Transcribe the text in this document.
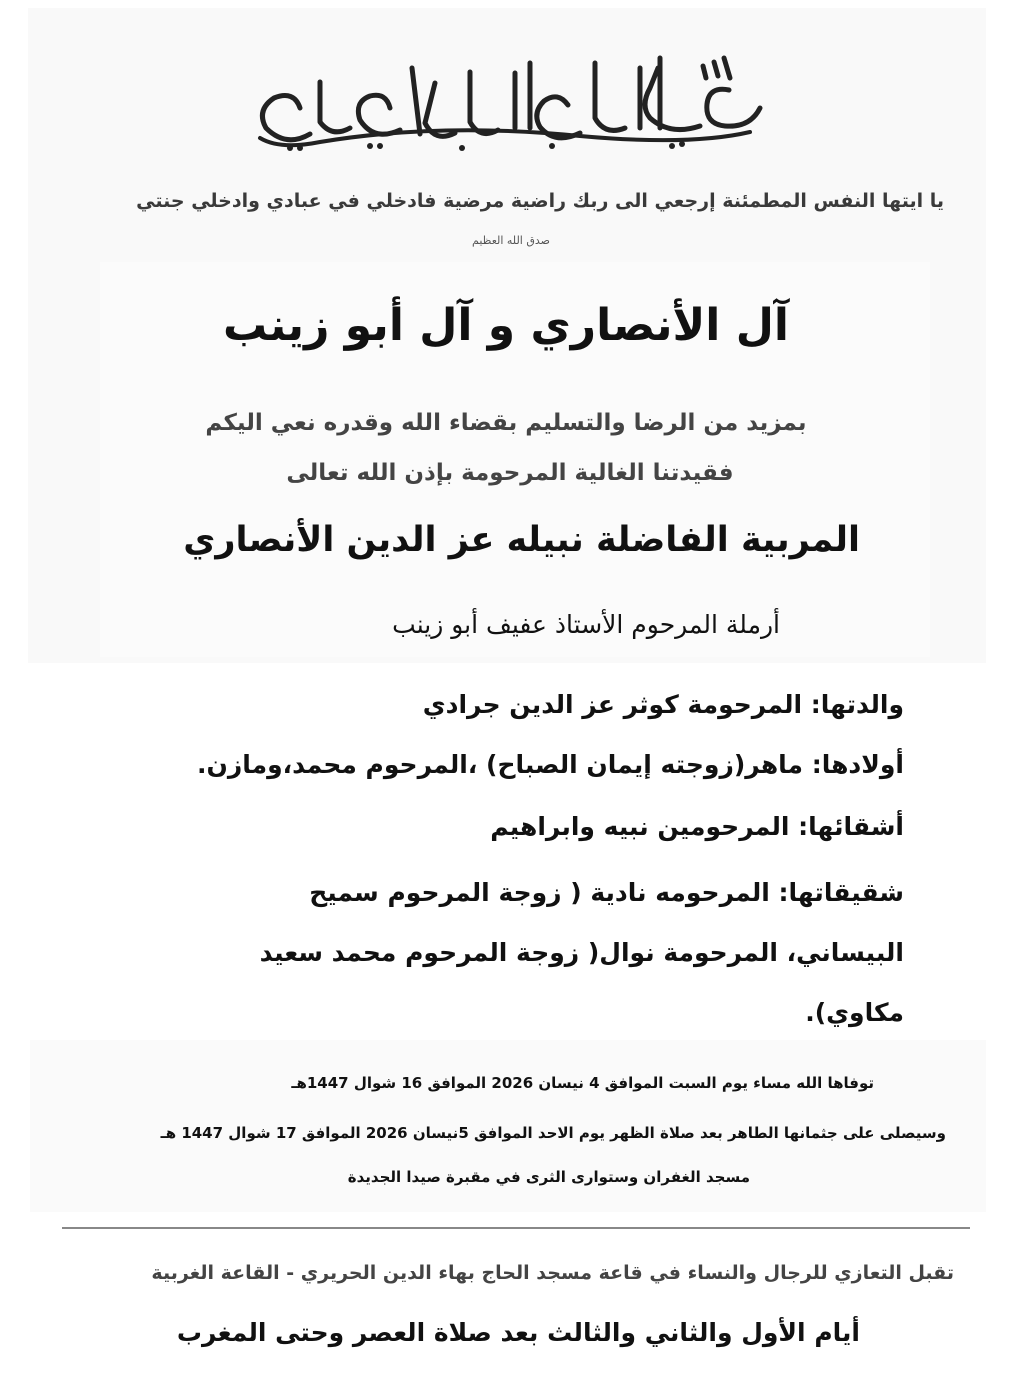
يا ايتها النفس المطمئنة إرجعي الى ربك راضية مرضية فادخلي في عبادي وادخلي جنتي
صدق الله العظيم
آل الأنصاري و آل أبو زينب
بمزيد من الرضا والتسليم بقضاء الله وقدره نعي اليكم
فقيدتنا الغالية المرحومة بإذن الله تعالى
المربية الفاضلة نبيله عز الدين الأنصاري
أرملة المرحوم الأستاذ عفيف أبو زينب
والدتها: المرحومة كوثر عز الدين جرادي
أولادها: ماهر(زوجته إيمان الصباح) ،المرحوم محمد،ومازن.
أشقائها: المرحومين نبيه وابراهيم
شقيقاتها: المرحومه نادية ( زوجة المرحوم سميح
البيساني، المرحومة نوال( زوجة المرحوم محمد سعيد
مكاوي).
توفاها الله مساء يوم السبت الموافق 4 نيسان 2026 الموافق 16 شوال 1447هـ
وسيصلى على جثمانها الطاهر بعد صلاة الظهر يوم الاحد الموافق 5نيسان 2026 الموافق 17 شوال 1447 هـ
مسجد الغفران وستوارى الثرى في مقبرة صيدا الجديدة
تقبل التعازي للرجال والنساء في قاعة مسجد الحاج بهاء الدين الحريري - القاعة الغربية
أيام الأول والثاني والثالث بعد صلاة العصر وحتى المغرب
